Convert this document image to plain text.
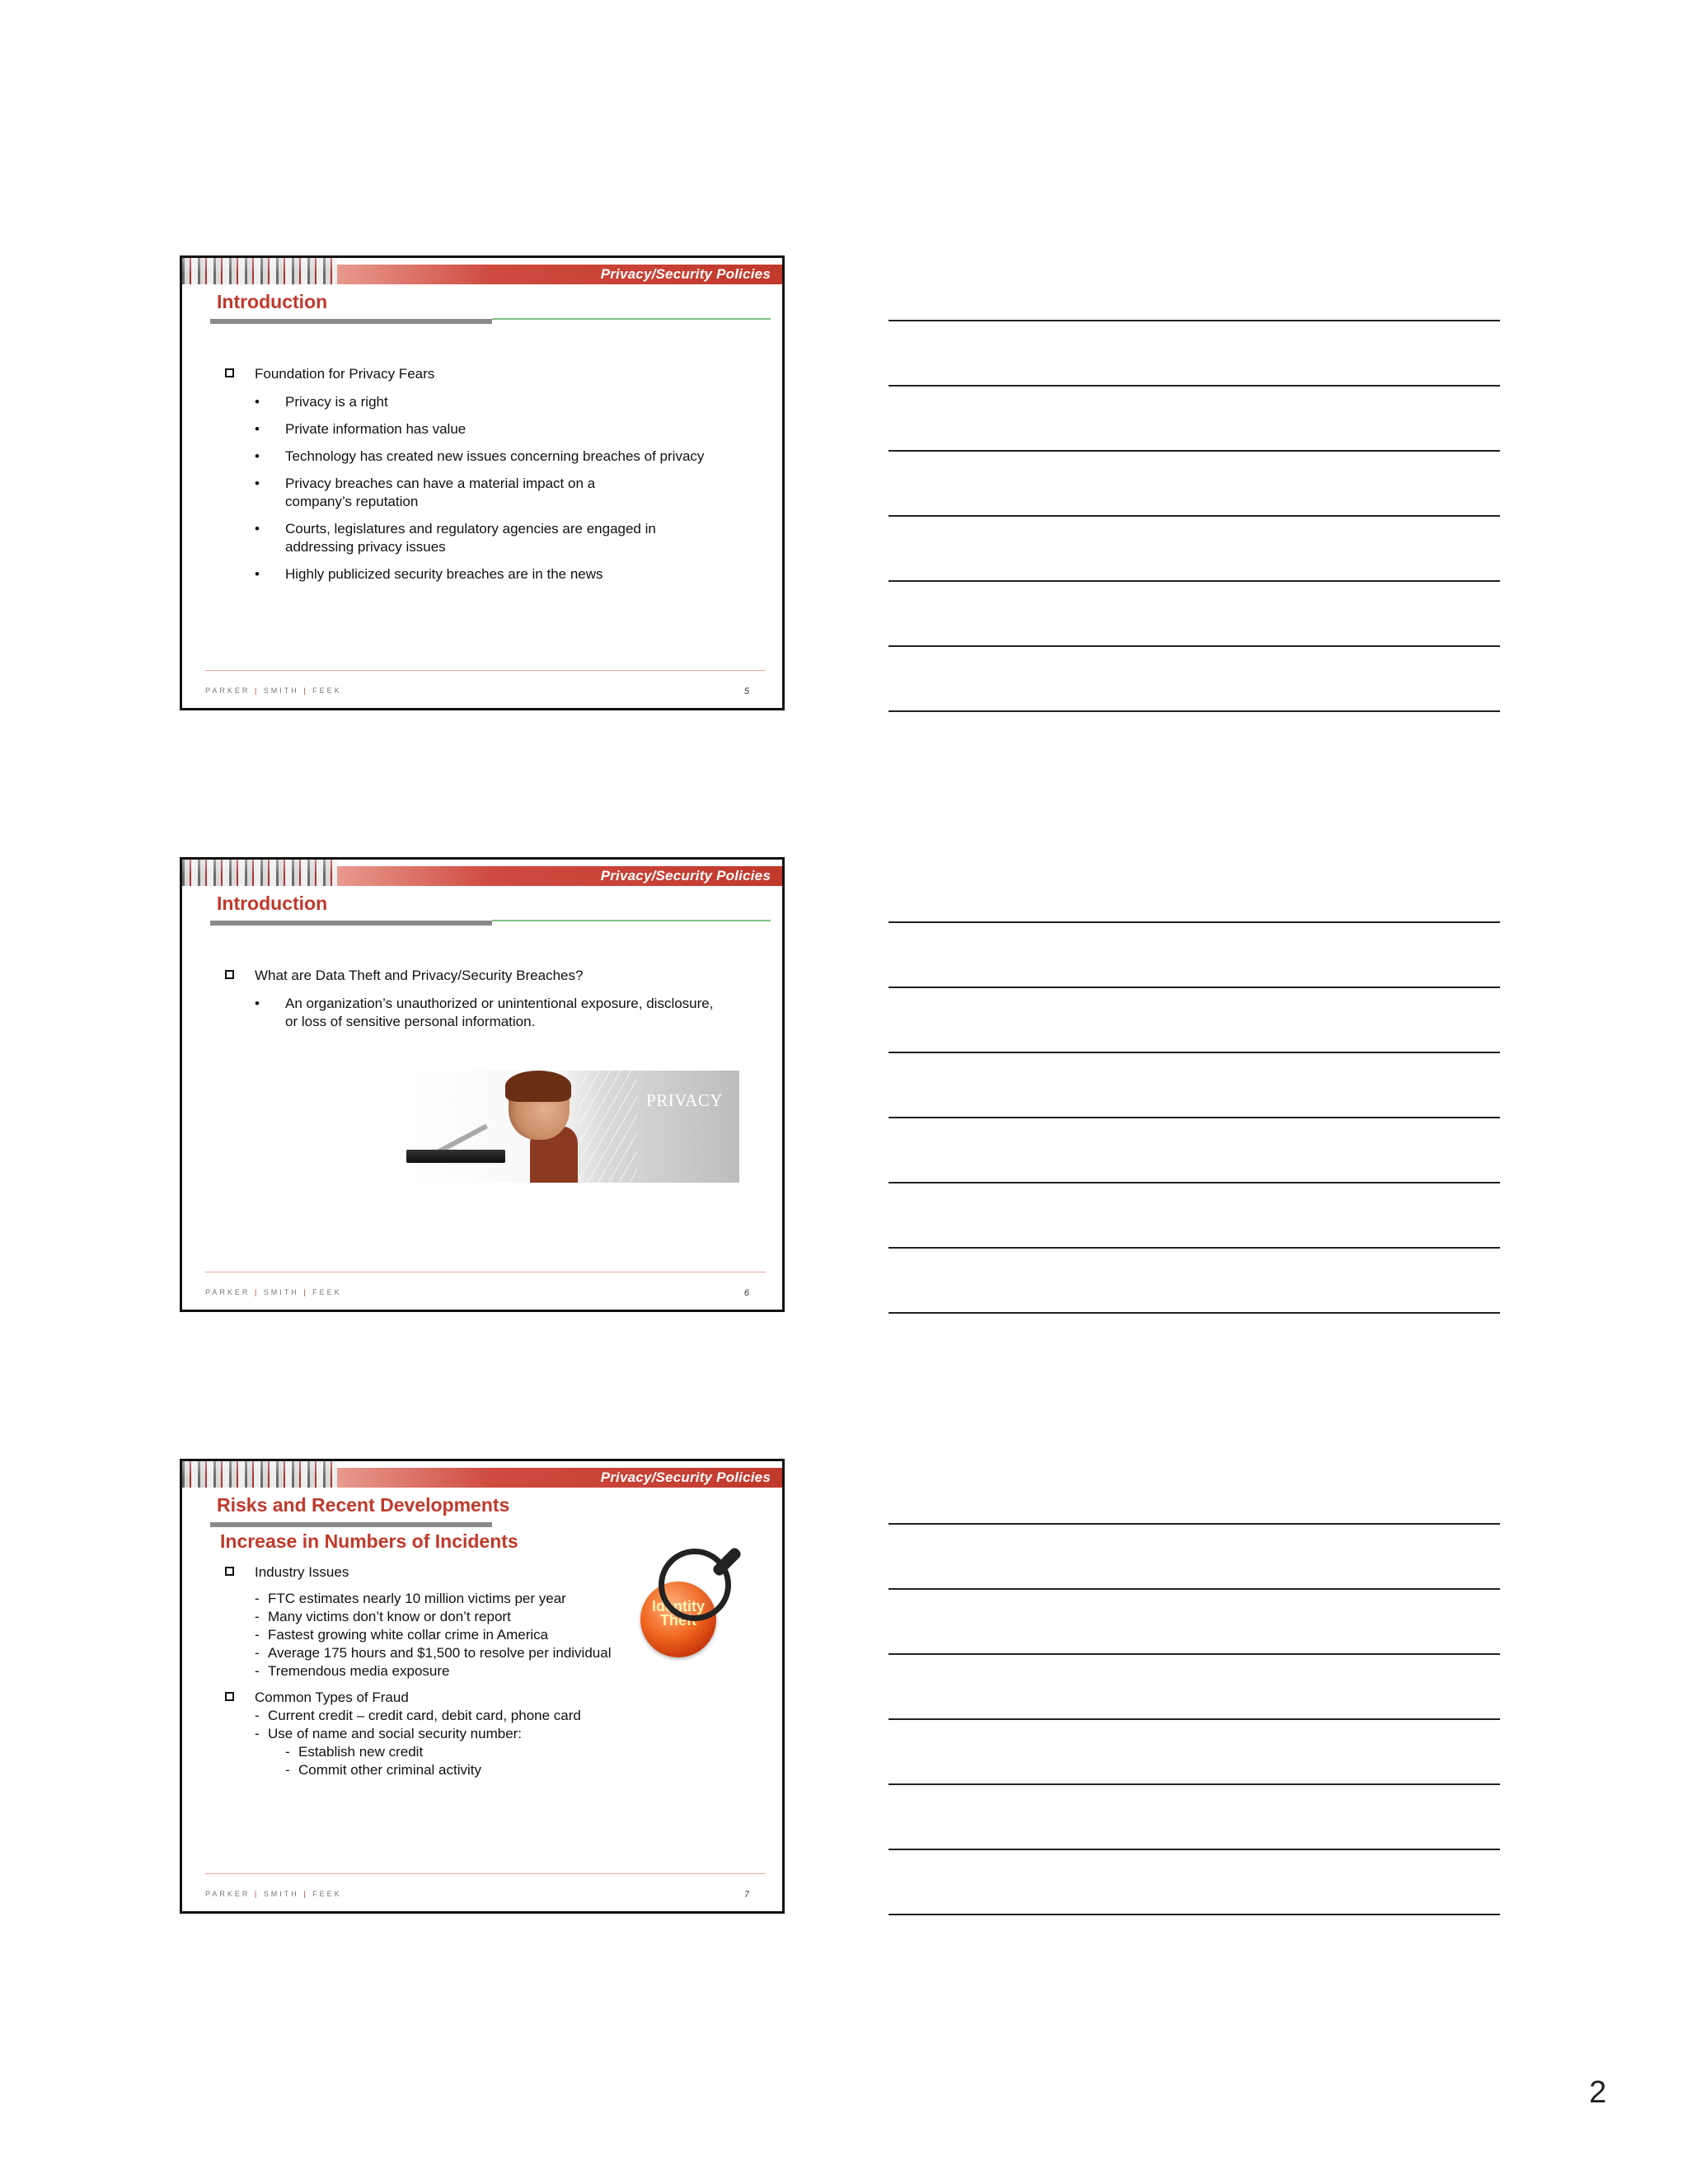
Privacy/Security Policies
Introduction
Foundation for Privacy Fears
• Privacy is a right
• Private information has value
• Technology has created new issues concerning breaches of privacy
• Privacy breaches can have a material impact on a company’s reputation
• Courts, legislatures and regulatory agencies are engaged in addressing privacy issues
• Highly publicized security breaches are in the news
PARKER | SMITH | FEEK	5
Privacy/Security Policies
Introduction
What are Data Theft and Privacy/Security Breaches?
• An organization’s unauthorized or unintentional exposure, disclosure, or loss of sensitive personal information.
PRIVACY
PARKER | SMITH | FEEK	6
Privacy/Security Policies
Risks and Recent Developments
Increase in Numbers of Incidents
Identity
Theft
Industry Issues
- FTC estimates nearly 10 million victims per year
- Many victims don’t know or don’t report
- Fastest growing white collar crime in America
- Average 175 hours and $1,500 to resolve per individual
- Tremendous media exposure
Common Types of Fraud
- Current credit – credit card, debit card, phone card
- Use of name and social security number:
- Establish new credit
- Commit other criminal activity
PARKER | SMITH | FEEK	7
2
